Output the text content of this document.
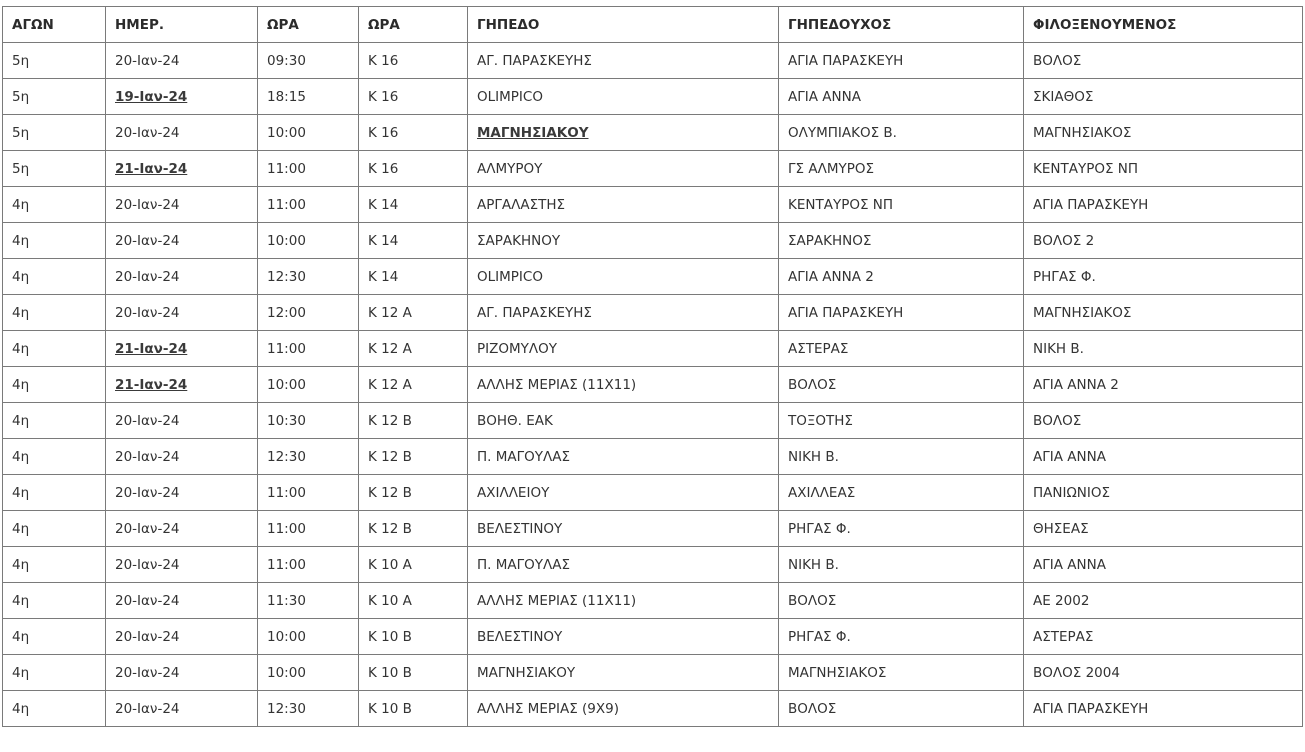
ΑΓΩΝ	ΗΜΕΡ.	ΩΡΑ	ΩΡΑ	ΓΗΠΕΔΟ	ΓΗΠΕΔΟΥΧΟΣ	ΦΙΛΟΞΕΝΟΥΜΕΝΟΣ
5η	20-Ιαν-24	09:30	Κ 16	ΑΓ. ΠΑΡΑΣΚΕΥΗΣ	ΑΓΙΑ ΠΑΡΑΣΚΕΥΗ	ΒΟΛΟΣ
5η	19-Ιαν-24	18:15	Κ 16	OLIMPICO	ΑΓΙΑ ΑΝΝΑ	ΣΚΙΑΘΟΣ
5η	20-Ιαν-24	10:00	Κ 16	ΜΑΓΝΗΣΙΑΚΟΥ	ΟΛΥΜΠΙΑΚΟΣ Β.	ΜΑΓΝΗΣΙΑΚΟΣ
5η	21-Ιαν-24	11:00	Κ 16	ΑΛΜΥΡΟΥ	ΓΣ ΑΛΜΥΡΟΣ	ΚΕΝΤΑΥΡΟΣ ΝΠ
4η	20-Ιαν-24	11:00	Κ 14	ΑΡΓΑΛΑΣΤΗΣ	ΚΕΝΤΑΥΡΟΣ ΝΠ	ΑΓΙΑ ΠΑΡΑΣΚΕΥΗ
4η	20-Ιαν-24	10:00	Κ 14	ΣΑΡΑΚΗΝΟΥ	ΣΑΡΑΚΗΝΟΣ	ΒΟΛΟΣ 2
4η	20-Ιαν-24	12:30	Κ 14	OLIMPICO	ΑΓΙΑ ΑΝΝΑ 2	ΡΗΓΑΣ Φ.
4η	20-Ιαν-24	12:00	Κ 12 Α	ΑΓ. ΠΑΡΑΣΚΕΥΗΣ	ΑΓΙΑ ΠΑΡΑΣΚΕΥΗ	ΜΑΓΝΗΣΙΑΚΟΣ
4η	21-Ιαν-24	11:00	Κ 12 Α	ΡΙΖΟΜΥΛΟΥ	ΑΣΤΕΡΑΣ	ΝΙΚΗ Β.
4η	21-Ιαν-24	10:00	Κ 12 Α	ΑΛΛΗΣ ΜΕΡΙΑΣ (11Χ11)	ΒΟΛΟΣ	ΑΓΙΑ ΑΝΝΑ 2
4η	20-Ιαν-24	10:30	Κ 12 Β	ΒΟΗΘ. ΕΑΚ	ΤΟΞΟΤΗΣ	ΒΟΛΟΣ
4η	20-Ιαν-24	12:30	Κ 12 Β	Π. ΜΑΓΟΥΛΑΣ	ΝΙΚΗ Β.	ΑΓΙΑ ΑΝΝΑ
4η	20-Ιαν-24	11:00	Κ 12 Β	ΑΧΙΛΛΕΙΟΥ	ΑΧΙΛΛΕΑΣ	ΠΑΝΙΩΝΙΟΣ
4η	20-Ιαν-24	11:00	Κ 12 Β	ΒΕΛΕΣΤΙΝΟΥ	ΡΗΓΑΣ Φ.	ΘΗΣΕΑΣ
4η	20-Ιαν-24	11:00	Κ 10 Α	Π. ΜΑΓΟΥΛΑΣ	ΝΙΚΗ Β.	ΑΓΙΑ ΑΝΝΑ
4η	20-Ιαν-24	11:30	Κ 10 Α	ΑΛΛΗΣ ΜΕΡΙΑΣ (11Χ11)	ΒΟΛΟΣ	ΑΕ 2002
4η	20-Ιαν-24	10:00	Κ 10 Β	ΒΕΛΕΣΤΙΝΟΥ	ΡΗΓΑΣ Φ.	ΑΣΤΕΡΑΣ
4η	20-Ιαν-24	10:00	Κ 10 Β	ΜΑΓΝΗΣΙΑΚΟΥ	ΜΑΓΝΗΣΙΑΚΟΣ	ΒΟΛΟΣ 2004
4η	20-Ιαν-24	12:30	Κ 10 Β	ΑΛΛΗΣ ΜΕΡΙΑΣ (9Χ9)	ΒΟΛΟΣ	ΑΓΙΑ ΠΑΡΑΣΚΕΥΗ
